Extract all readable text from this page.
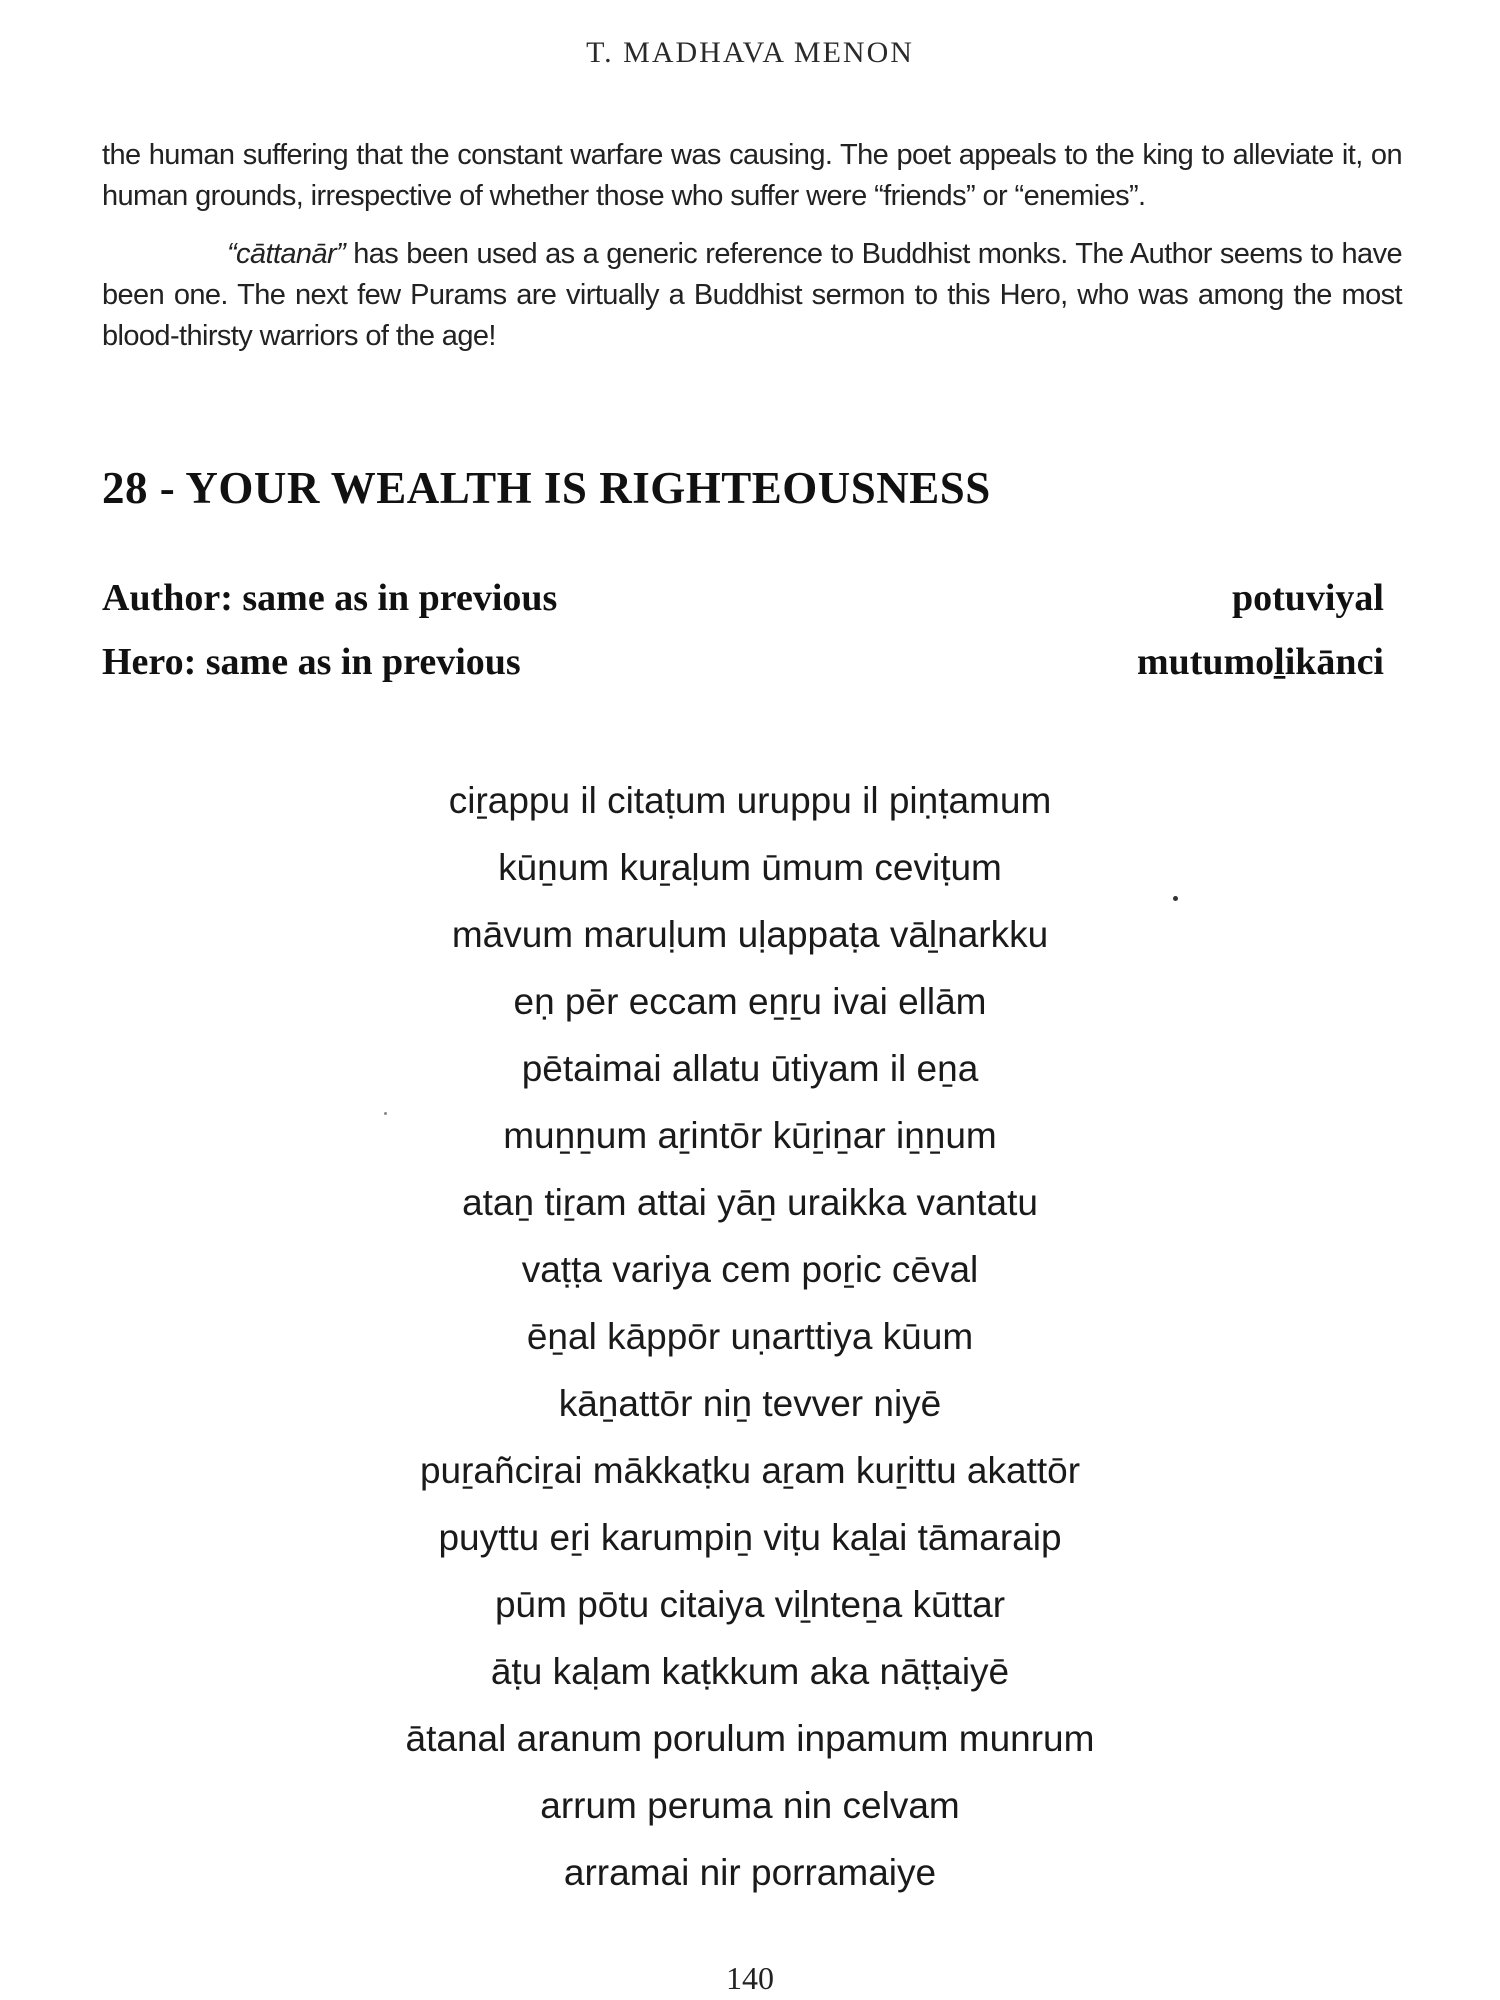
T. MADHAVA MENON

the human suffering that the constant warfare was causing. The poet appeals to the king to alleviate it, on human grounds, irrespective of whether those who suffer were “friends” or “enemies”.

“cāttanār” has been used as a generic reference to Buddhist monks. The Author seems to have been one. The next few Purams are virtually a Buddhist sermon to this Hero, who was among the most blood-thirsty warriors of the age!

28 - YOUR WEALTH IS RIGHTEOUSNESS
Author: same as in previous	potuviyal
Hero: same as in previous	mutumoḻikānci
ciṟappu il citaṭum uruppu il piṇṭamum
kūṉum kuṟaḷum ūmum ceviṭum
māvum maruḷum uḷappaṭa vāḻnarkku
eṇ pēr eccam eṉṟu ivai ellām
pētaimai allatu ūtiyam il eṉa
muṉṉum aṟintōr kūṟiṉar iṉṉum
ataṉ tiṟam attai yāṉ uraikka vantatu
vaṭṭa variya cem poṟic cēval
ēṉal kāppōr uṇarttiya kūum
kāṉattōr niṉ tevver niyē
puṟañciṟai mākkaṭku aṟam kuṟittu akattōr
puyttu eṟi karumpiṉ viṭu kaḻai tāmaraip
pūm pōtu citaiya viḻnteṉa kūttar
āṭu kaḷam kaṭkkum aka nāṭṭaiyē
ātanal aranum porulum inpamum munrum
arrum peruma nin celvam
arramai nir porramaiye
140
